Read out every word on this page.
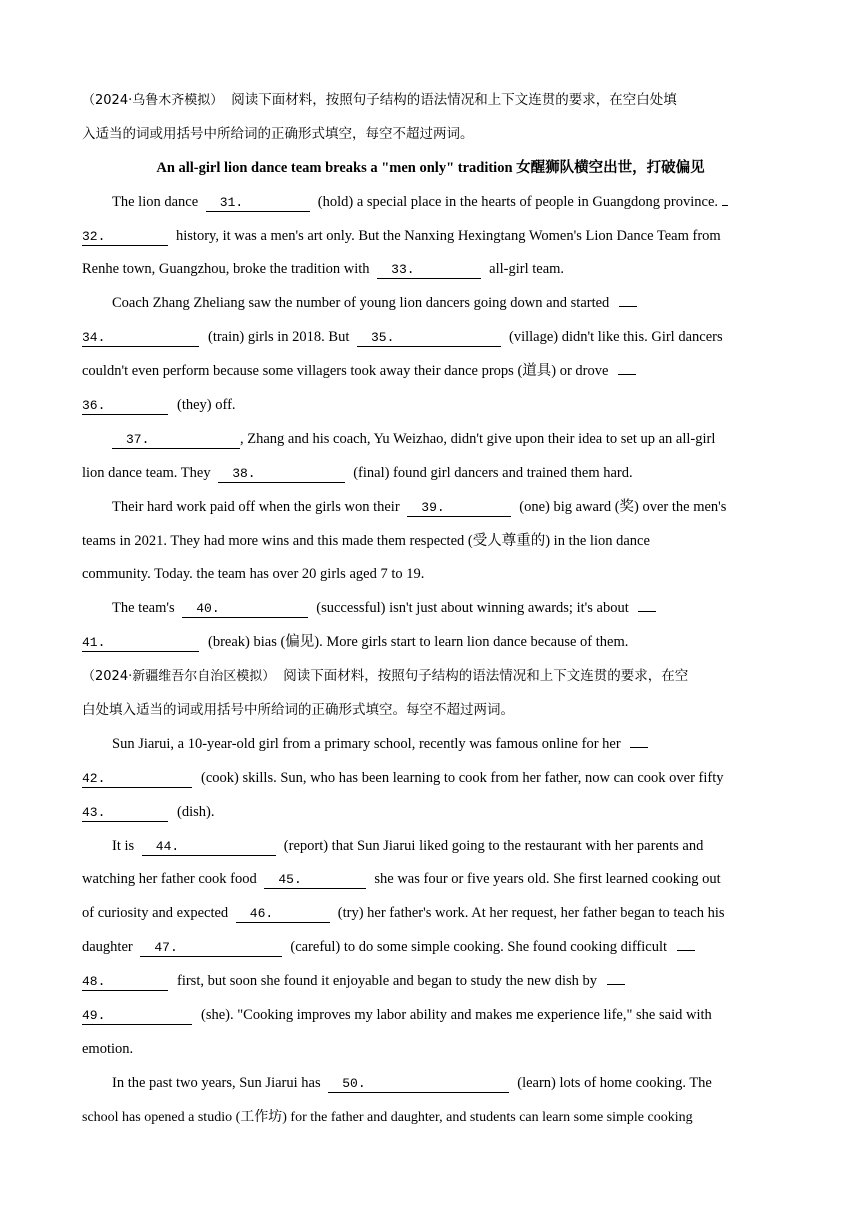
（2024·乌鲁木齐模拟） 阅读下面材料，按照句子结构的语法情况和上下文连贯的要求，在空白处填
入适当的词或用括号中所给词的正确形式填空，每空不超过两词。
An all-girl lion dance team breaks a "men only" tradition 女醒狮队横空出世，打破偏见
The lion dance 31.	(hold) a special place in the hearts of people in Guangdong province.
32.	history, it was a men's art only. But the Nanxing Hexingtang Women's Lion Dance Team from
Renhe town, Guangzhou, broke the tradition with 33.	all-girl team.
Coach Zhang Zheliang saw the number of young lion dancers going down and started
34.	(train) girls in 2018. But 35.	(village) didn't like this. Girl dancers
couldn't even perform because some villagers took away their dance props (道具) or drove
36.	(they) off.
37.	, Zhang and his coach, Yu Weizhao, didn't give upon their idea to set up an all-girl
lion dance team. They 38.	(final) found girl dancers and trained them hard.
Their hard work paid off when the girls won their 39.	(one) big award (奖) over the men's
teams in 2021. They had more wins and this made them respected (受人尊重的) in the lion dance
community. Today. the team has over 20 girls aged 7 to 19.
The team's 40.	(successful) isn't just about winning awards; it's about
41.	(break) bias (偏见). More girls start to learn lion dance because of them.
（2024·新疆维吾尔自治区模拟） 阅读下面材料，按照句子结构的语法情况和上下文连贯的要求，在空
白处填入适当的词或用括号中所给词的正确形式填空。每空不超过两词。
Sun Jiarui, a 10-year-old girl from a primary school, recently was famous online for her
42.	(cook) skills. Sun, who has been learning to cook from her father, now can cook over fifty
43.	(dish).
It is 44.	(report) that Sun Jiarui liked going to the restaurant with her parents and
watching her father cook food 45.	she was four or five years old. She first learned cooking out
of curiosity and expected 46.	(try) her father's work. At her request, her father began to teach his
daughter 47.	(careful) to do some simple cooking. She found cooking difficult
48.	first, but soon she found it enjoyable and began to study the new dish by
49.	(she). "Cooking improves my labor ability and makes me experience life," she said with
emotion.
In the past two years, Sun Jiarui has 50.	(learn) lots of home cooking. The
school has opened a studio (工作坊) for the father and daughter, and students can learn some simple cooking
